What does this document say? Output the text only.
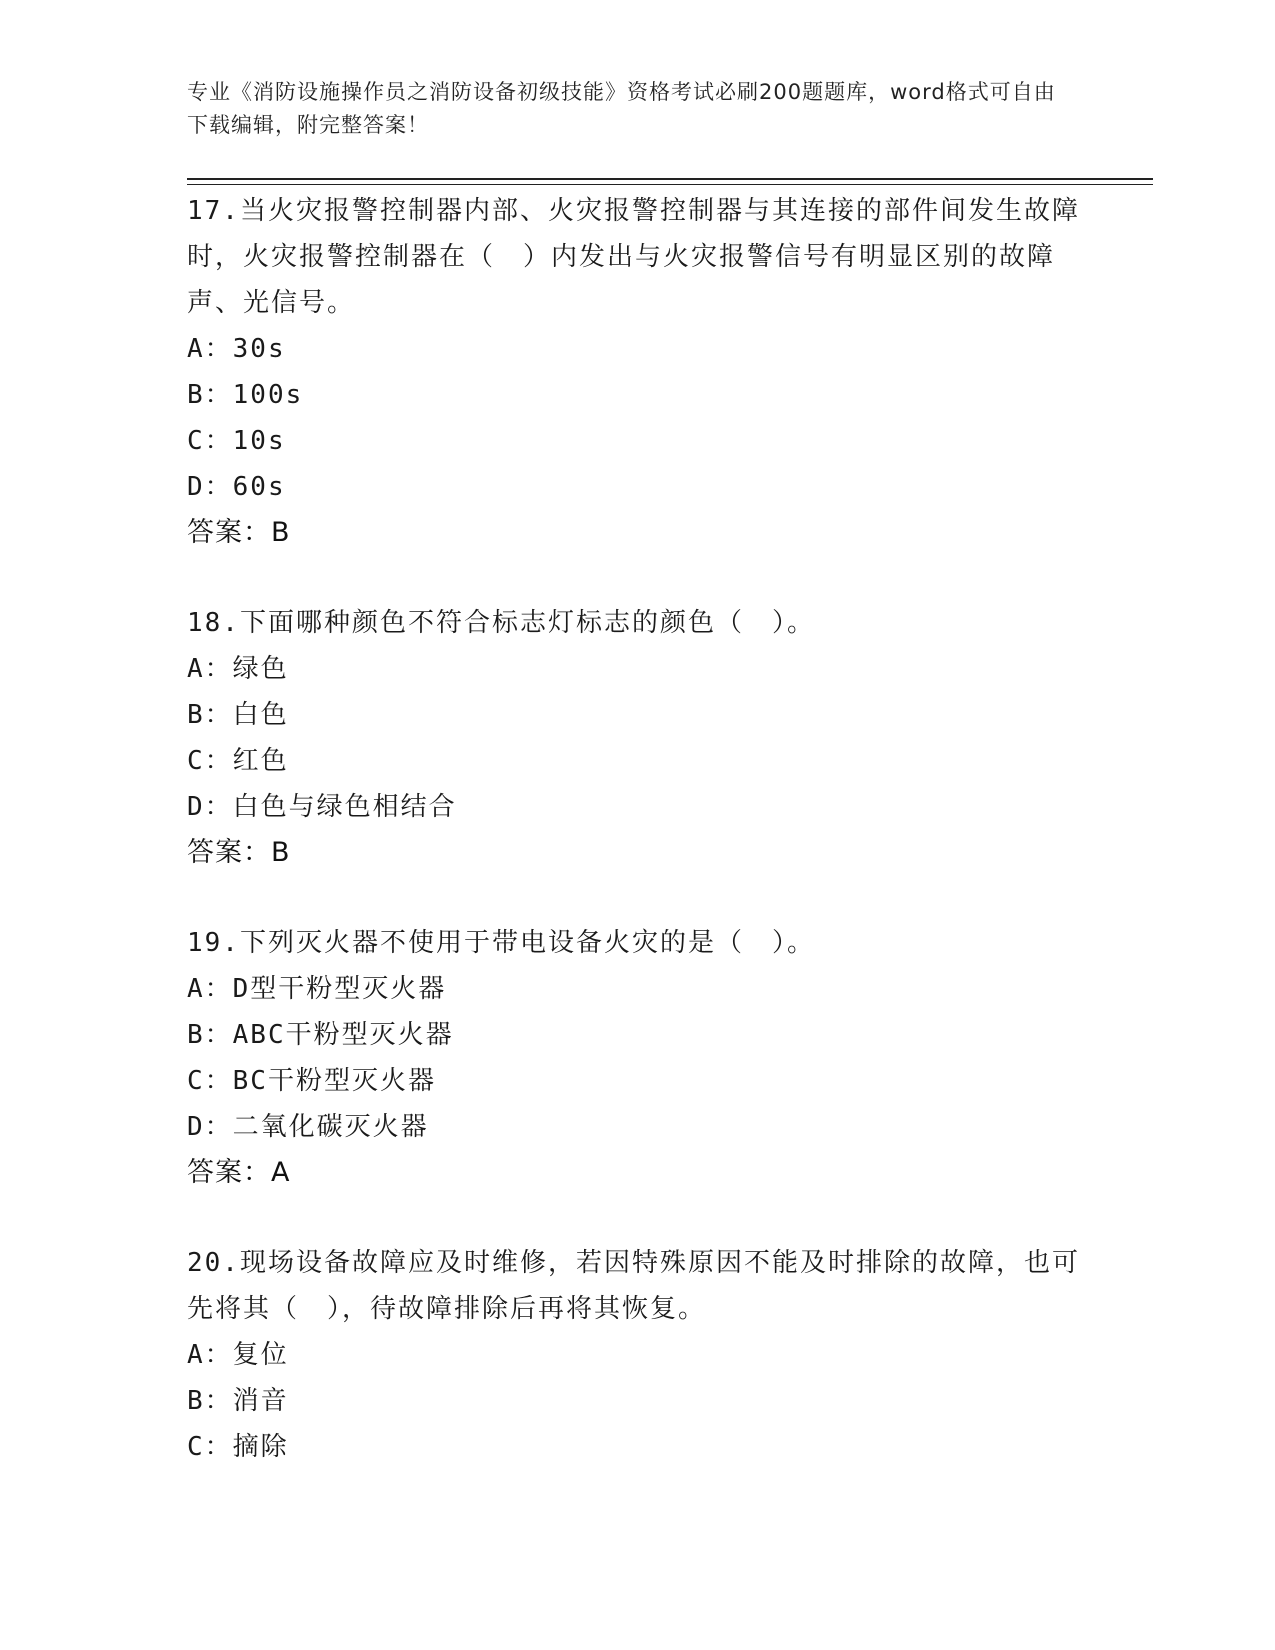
专业《消防设施操作员之消防设备初级技能》资格考试必刷200题题库，word格式可自由下载编辑，附完整答案！

17.当火灾报警控制器内部、火灾报警控制器与其连接的部件间发生故障时，火灾报警控制器在（　）内发出与火灾报警信号有明显区别的故障声、光信号。

A：30s

B：100s

C：10s

D：60s

答案：B

18.下面哪种颜色不符合标志灯标志的颜色（　）。

A：绿色

B：白色

C：红色

D：白色与绿色相结合

答案：B

19.下列灭火器不使用于带电设备火灾的是（　）。

A：D型干粉型灭火器

B：ABC干粉型灭火器

C：BC干粉型灭火器

D：二氧化碳灭火器

答案：A

20.现场设备故障应及时维修，若因特殊原因不能及时排除的故障，也可先将其（　），待故障排除后再将其恢复。

A：复位

B：消音

C：摘除
